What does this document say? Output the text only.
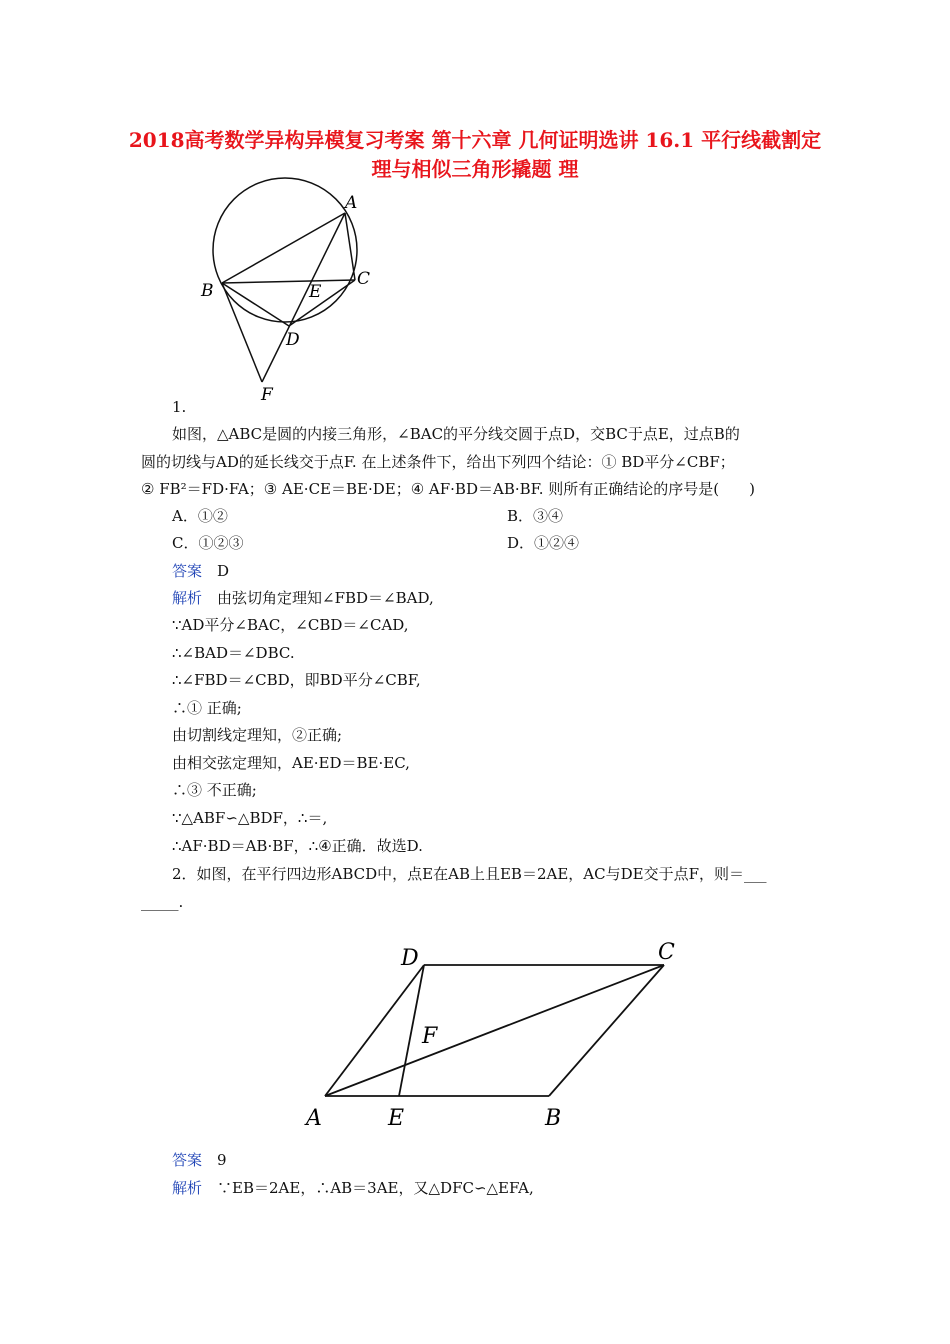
2018高考数学异构异模复习考案 第十六章 几何证明选讲 16.1 平行线截割定理与相似三角形撬题 理
A
B
C
D
E
F
1.
如图，△ABC是圆的内接三角形，∠BAC的平分线交圆于点D，交BC于点E，过点B的
圆的切线与AD的延长线交于点F. 在上述条件下，给出下列四个结论：① BD平分∠CBF；
② FB²＝FD·FA；③ AE·CE＝BE·DE；④ AF·BD＝AB·BF. 则所有正确结论的序号是(　　)
A．①②	B．③④
C．①②③	D．①②④
答案　 D
解析　 由弦切角定理知∠FBD＝∠BAD,
∵AD平分∠BAC，∠CBD＝∠CAD,
∴∠BAD＝∠DBC.
∴∠FBD＝∠CBD，即BD平分∠CBF,
∴① 正确;
由切割线定理知，②正确;
由相交弦定理知，AE·ED＝BE·EC,
∴③ 不正确;
∵△ABF∽△BDF，∴＝,
∴AF·BD＝AB·BF，∴④正确．故选D.
2．如图，在平行四边形ABCD中，点E在AB上且EB＝2AE，AC与DE交于点F，则＝___
_____.
D	C
F
A	E	B
答案　 9
解析　 ∵EB＝2AE，∴AB＝3AE，又△DFC∽△EFA,
